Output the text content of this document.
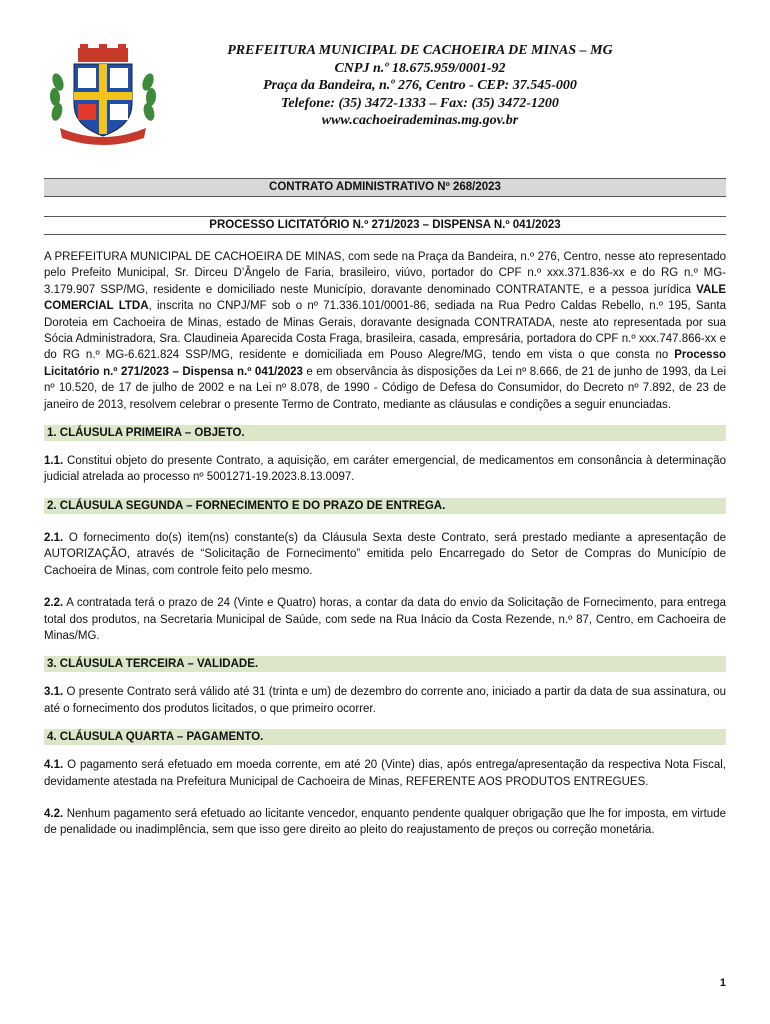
PREFEITURA MUNICIPAL DE CACHOEIRA DE MINAS – MG
CNPJ n.º 18.675.959/0001-92
Praça da Bandeira, n.º 276, Centro - CEP: 37.545-000
Telefone: (35) 3472-1333 – Fax: (35) 3472-1200
www.cachoeirademinas.mg.gov.br
CONTRATO ADMINISTRATIVO Nº 268/2023
PROCESSO LICITATÓRIO N.º 271/2023 – DISPENSA N.º 041/2023

A PREFEITURA MUNICIPAL DE CACHOEIRA DE MINAS, com sede na Praça da Bandeira, n.º 276, Centro, nesse ato representado pelo Prefeito Municipal, Sr. Dirceu D’Ângelo de Faria, brasileiro, viúvo, portador do CPF n.º xxx.371.836-xx e do RG n.º MG-3.179.907 SSP/MG, residente e domiciliado neste Município, doravante denominado CONTRATANTE, e a pessoa jurídica VALE COMERCIAL LTDA, inscrita no CNPJ/MF sob o nº 71.336.101/0001-86, sediada na Rua Pedro Caldas Rebello, n.º 195, Santa Doroteia em Cachoeira de Minas, estado de Minas Gerais, doravante designada CONTRATADA, neste ato representada por sua Sócia Administradora, Sra. Claudineia Aparecida Costa Fraga, brasileira, casada, empresária, portadora do CPF n.º xxx.747.866-xx e do RG n.º MG-6.621.824 SSP/MG, residente e domiciliada em Pouso Alegre/MG, tendo em vista o que consta no Processo Licitatório n.º 271/2023 – Dispensa n.º 041/2023 e em observância às disposições da Lei nº 8.666, de 21 de junho de 1993, da Lei nº 10.520, de 17 de julho de 2002 e na Lei nº 8.078, de 1990 - Código de Defesa do Consumidor, do Decreto nº 7.892, de 23 de janeiro de 2013, resolvem celebrar o presente Termo de Contrato, mediante as cláusulas e condições a seguir enunciadas.

1. CLÁUSULA PRIMEIRA – OBJETO.

1.1. Constitui objeto do presente Contrato, a aquisição, em caráter emergencial, de medicamentos em consonância à determinação judicial atrelada ao processo nº 5001271-19.2023.8.13.0097.

2. CLÁUSULA SEGUNDA – FORNECIMENTO E DO PRAZO DE ENTREGA.

2.1. O fornecimento do(s) item(ns) constante(s) da Cláusula Sexta deste Contrato, será prestado mediante a apresentação de AUTORIZAÇÃO, através de “Solicitação de Fornecimento” emitida pelo Encarregado do Setor de Compras do Município de Cachoeira de Minas, com controle feito pelo mesmo.

2.2. A contratada terá o prazo de 24 (Vinte e Quatro) horas, a contar da data do envio da Solicitação de Fornecimento, para entrega total dos produtos, na Secretaria Municipal de Saúde, com sede na Rua Inácio da Costa Rezende, n.º 87, Centro, em Cachoeira de Minas/MG.

3. CLÁUSULA TERCEIRA – VALIDADE.

3.1. O presente Contrato será válido até 31 (trinta e um) de dezembro do corrente ano, iniciado a partir da data de sua assinatura, ou até o fornecimento dos produtos licitados, o que primeiro ocorrer.

4. CLÁUSULA QUARTA – PAGAMENTO.

4.1. O pagamento será efetuado em moeda corrente, em até 20 (Vinte) dias, após entrega/apresentação da respectiva Nota Fiscal, devidamente atestada na Prefeitura Municipal de Cachoeira de Minas, REFERENTE AOS PRODUTOS ENTREGUES.

4.2. Nenhum pagamento será efetuado ao licitante vencedor, enquanto pendente qualquer obrigação que lhe for imposta, em virtude de penalidade ou inadimplência, sem que isso gere direito ao pleito do reajustamento de preços ou correção monetária.

1
